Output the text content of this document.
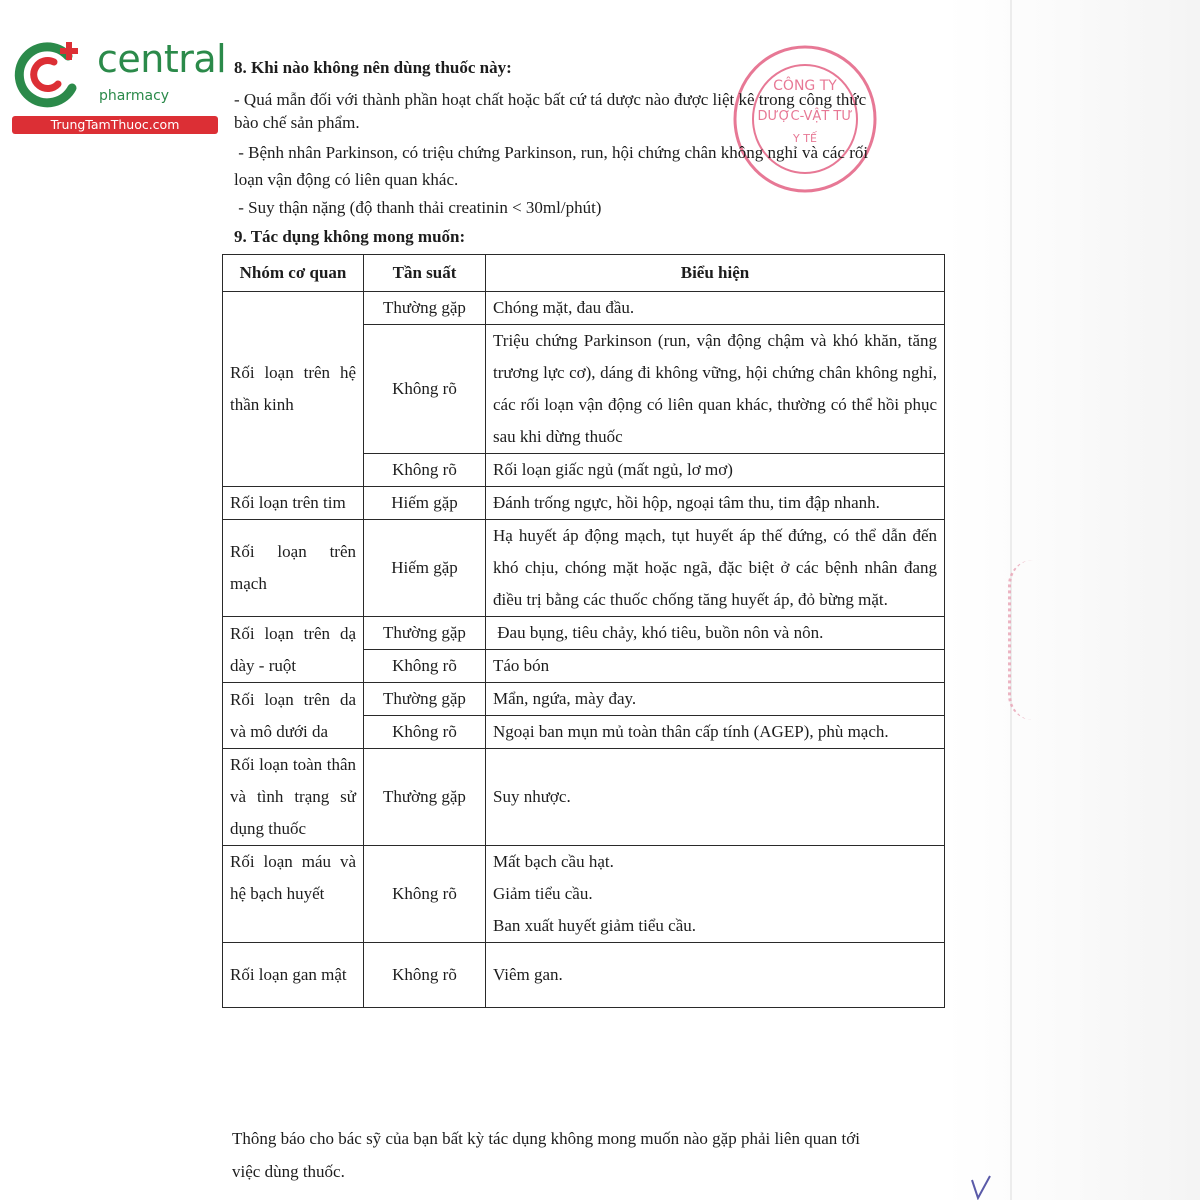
central
pharmacy
TrungTamThuoc.com
CÔNG TY
DƯỢC-VẬT TƯ
Y TẾ
8. Khi nào không nên dùng thuốc này:
- Quá mẫn đối với thành phần hoạt chất hoặc bất cứ tá dược nào được liệt kê trong công thức
bào chế sản phẩm.
- Bệnh nhân Parkinson, có triệu chứng Parkinson, run, hội chứng chân không nghỉ và các rối
loạn vận động có liên quan khác.
- Suy thận nặng (độ thanh thải creatinin < 30ml/phút)
9. Tác dụng không mong muốn:
Nhóm cơ quan	Tần suất	Biểu hiện
Rối loạn trên hệ thần kinh	Thường gặp	Chóng mặt, đau đầu.
	Không rõ	Triệu chứng Parkinson (run, vận động chậm và khó khăn, tăng trương lực cơ), dáng đi không vững, hội chứng chân không nghỉ, các rối loạn vận động có liên quan khác, thường có thể hồi phục sau khi dừng thuốc
	Không rõ	Rối loạn giấc ngủ (mất ngủ, lơ mơ)
Rối loạn trên tim	Hiếm gặp	Đánh trống ngực, hồi hộp, ngoại tâm thu, tim đập nhanh.
Rối loạn trên mạch	Hiếm gặp	Hạ huyết áp động mạch, tụt huyết áp thế đứng, có thể dẫn đến khó chịu, chóng mặt hoặc ngã, đặc biệt ở các bệnh nhân đang điều trị bằng các thuốc chống tăng huyết áp, đỏ bừng mặt.
Rối loạn trên dạ dày - ruột	Thường gặp	Đau bụng, tiêu chảy, khó tiêu, buồn nôn và nôn.
	Không rõ	Táo bón
Rối loạn trên da và mô dưới da	Thường gặp	Mẩn, ngứa, mày đay.
	Không rõ	Ngoại ban mụn mủ toàn thân cấp tính (AGEP), phù mạch.
Rối loạn toàn thân và tình trạng sử dụng thuốc	Thường gặp	Suy nhược.
Rối loạn máu và hệ bạch huyết	Không rõ	Mất bạch cầu hạt.
Giảm tiểu cầu.
Ban xuất huyết giảm tiểu cầu.

Rối loạn gan mật	Không rõ	Viêm gan.
Thông báo cho bác sỹ của bạn bất kỳ tác dụng không mong muốn nào gặp phải liên quan tới
việc dùng thuốc.
